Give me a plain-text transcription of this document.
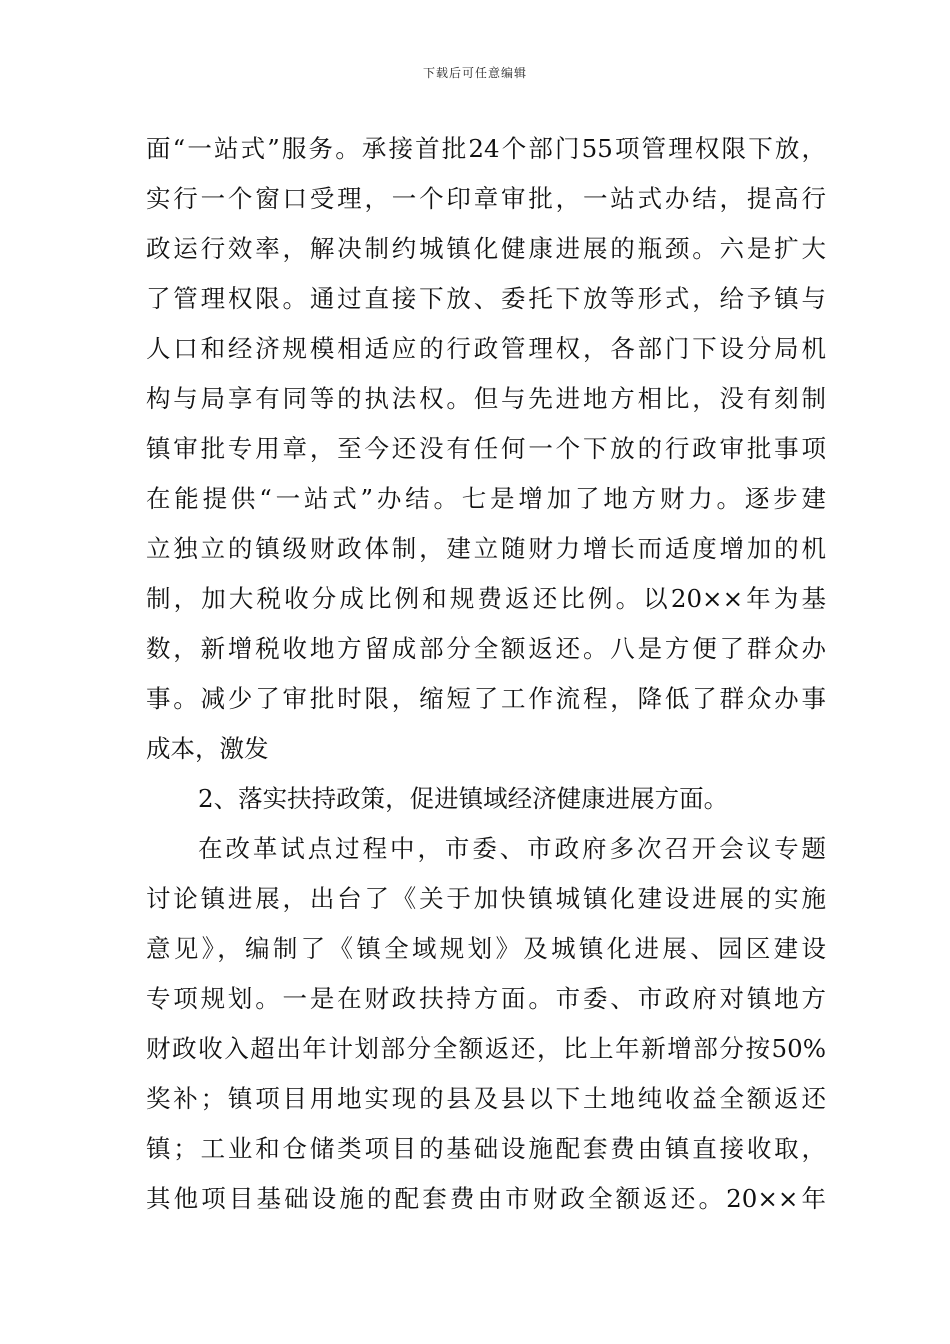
下载后可任意编辑
面“一站式”服务。承接首批24个部门55项管理权限下放，
实行一个窗口受理，一个印章审批，一站式办结，提高行
政运行效率，解决制约城镇化健康进展的瓶颈。六是扩大
了管理权限。通过直接下放、委托下放等形式，给予镇与
人口和经济规模相适应的行政管理权，各部门下设分局机
构与局享有同等的执法权。但与先进地方相比，没有刻制
镇审批专用章，至今还没有任何一个下放的行政审批事项
在能提供“一站式”办结。七是增加了地方财力。逐步建
立独立的镇级财政体制，建立随财力增长而适度增加的机
制，加大税收分成比例和规费返还比例。以20××年为基
数，新增税收地方留成部分全额返还。八是方便了群众办
事。减少了审批时限，缩短了工作流程，降低了群众办事
成本，激发
2、落实扶持政策，促进镇域经济健康进展方面。
在改革试点过程中，市委、市政府多次召开会议专题
讨论镇进展，出台了《关于加快镇城镇化建设进展的实施
意见》，编制了《镇全域规划》及城镇化进展、园区建设
专项规划。一是在财政扶持方面。市委、市政府对镇地方
财政收入超出年计划部分全额返还，比上年新增部分按50%
奖补；镇项目用地实现的县及县以下土地纯收益全额返还
镇；工业和仓储类项目的基础设施配套费由镇直接收取，
其他项目基础设施的配套费由市财政全额返还。20××年
